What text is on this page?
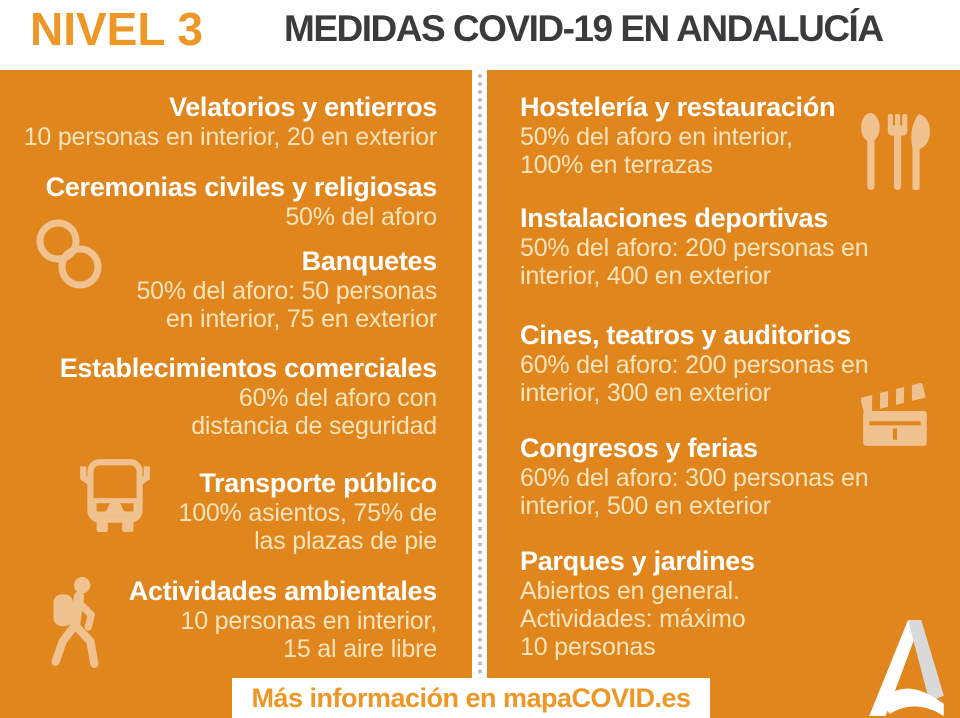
NIVEL 3 MEDIDAS COVID-19 EN ANDALUCÍA
Velatorios y entierros

10 personas en interior, 20 en exterior

Ceremonias civiles y religiosas

50% del aforo

Banquetes

50% del aforo: 50 personas

en interior, 75 en exterior

Establecimientos comerciales

60% del aforo con

distancia de seguridad

Transporte público

100% asientos, 75% de

las plazas de pie

Actividades ambientales

10 personas en interior,

15 al aire libre

Hostelería y restauración

50% del aforo en interior,

100% en terrazas

Instalaciones deportivas

50% del aforo: 200 personas en

interior, 400 en exterior

Cines, teatros y auditorios

60% del aforo: 200 personas en

interior, 300 en exterior

Congresos y ferias

60% del aforo: 300 personas en

interior, 500 en exterior

Parques y jardines

Abiertos en general.

Actividades: máximo

10 personas

Más información en mapaCOVID.es
